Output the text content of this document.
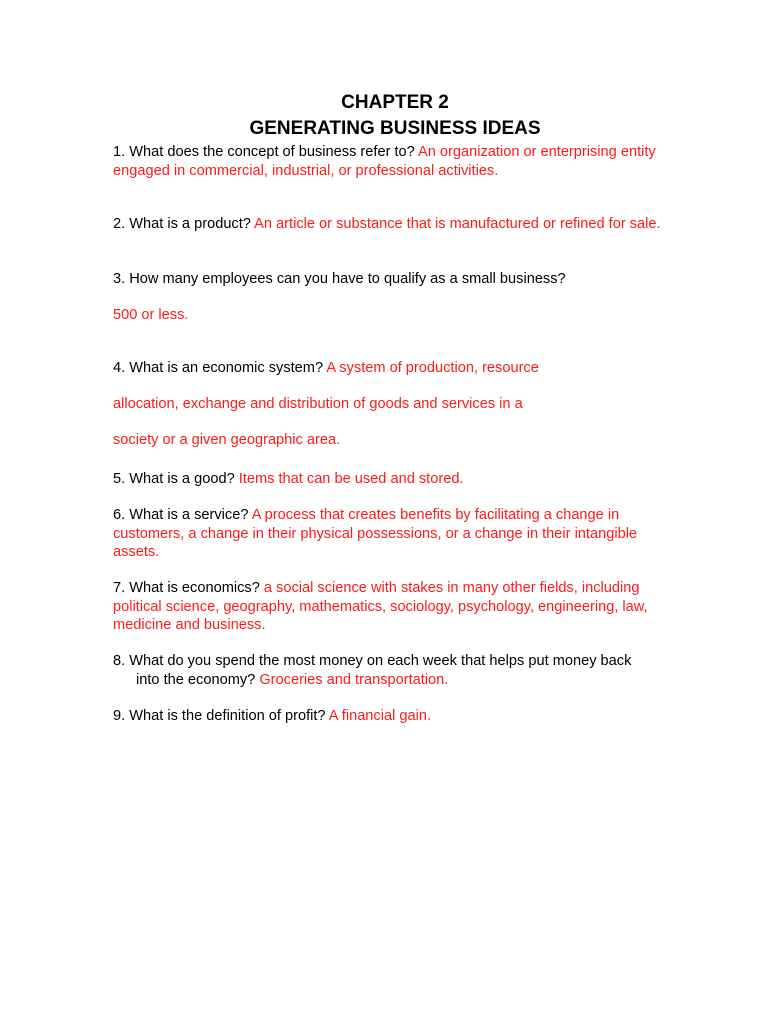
CHAPTER 2
GENERATING BUSINESS IDEAS

1. What does the concept of business refer to? An organization or enterprising entity engaged in commercial, industrial, or professional activities.

2. What is a product? An article or substance that is manufactured or refined for sale.

3. How many employees can you have to qualify as a small business?

500 or less.

4. What is an economic system? A system of production, resource

allocation, exchange and distribution of goods and services in a

society or a given geographic area.

5. What is a good? Items that can be used and stored.

6. What is a service? A process that creates benefits by facilitating a change in customers, a change in their physical possessions, or a change in their intangible assets.

7. What is economics? a social science with stakes in many other fields, including political science, geography, mathematics, sociology, psychology, engineering, law, medicine and business.

8. What do you spend the most money on each week that helps put money back
into the economy? Groceries and transportation.

9. What is the definition of profit? A financial gain.
